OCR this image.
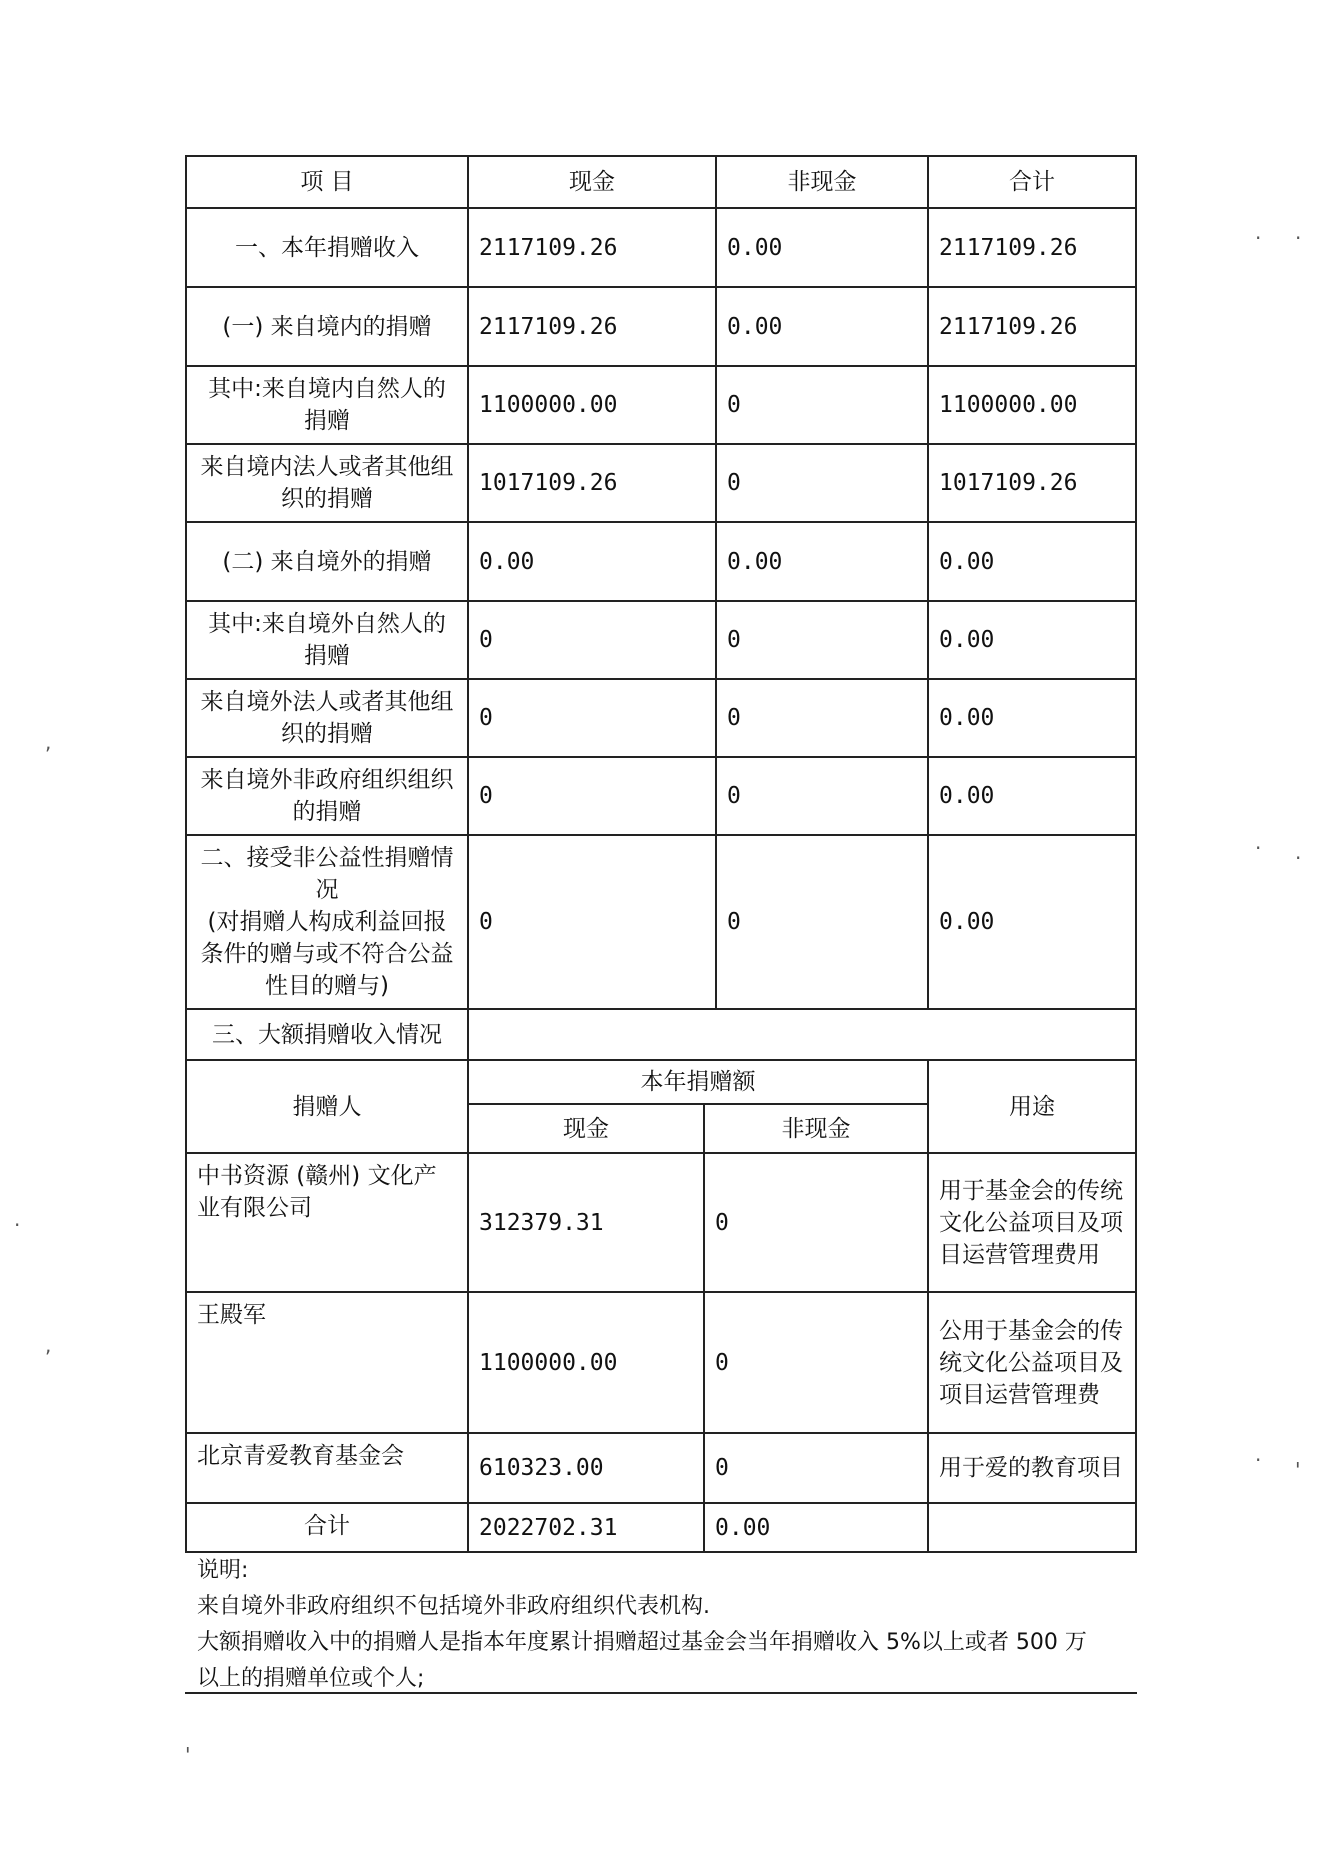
项 目	现金		非现金	合计
一、本年捐赠收入	2117109.26		0.00	2117109.26
(一) 来自境内的捐赠	2117109.26		0.00	2117109.26
其中:来自境内自然人的捐赠	1100000.00		0	1100000.00
来自境内法人或者其他组织的捐赠	1017109.26		0	1017109.26
(二) 来自境外的捐赠	0.00		0.00	0.00
其中:来自境外自然人的捐赠	0		0	0.00
来自境外法人或者其他组织的捐赠	0		0	0.00
来自境外非政府组织组织的捐赠	0		0	0.00

二、接受非公益性捐赠情况
(对捐赠人构成利益回报条件的赠与或不符合公益性目的赠与)	0		0	0.00
三、大额捐赠收入情况				
捐赠人	本年捐赠额			用途
	现金	非现金		
中书资源 (赣州) 文化产业有限公司	312379.31	0		用于基金会的传统文化公益项目及项目运营管理费用
王殿军	1100000.00	0		公用于基金会的传统文化公益项目及项目运营管理费
北京青爱教育基金会	610323.00	0		用于爱的教育项目
合计	2022702.31	0.00		
说明:
来自境外非政府组织不包括境外非政府组织代表机构.
大额捐赠收入中的捐赠人是指本年度累计捐赠超过基金会当年捐赠收入 5%以上或者 500 万
以上的捐赠单位或个人;
,
,
· ·
· ·
· '
·
'
